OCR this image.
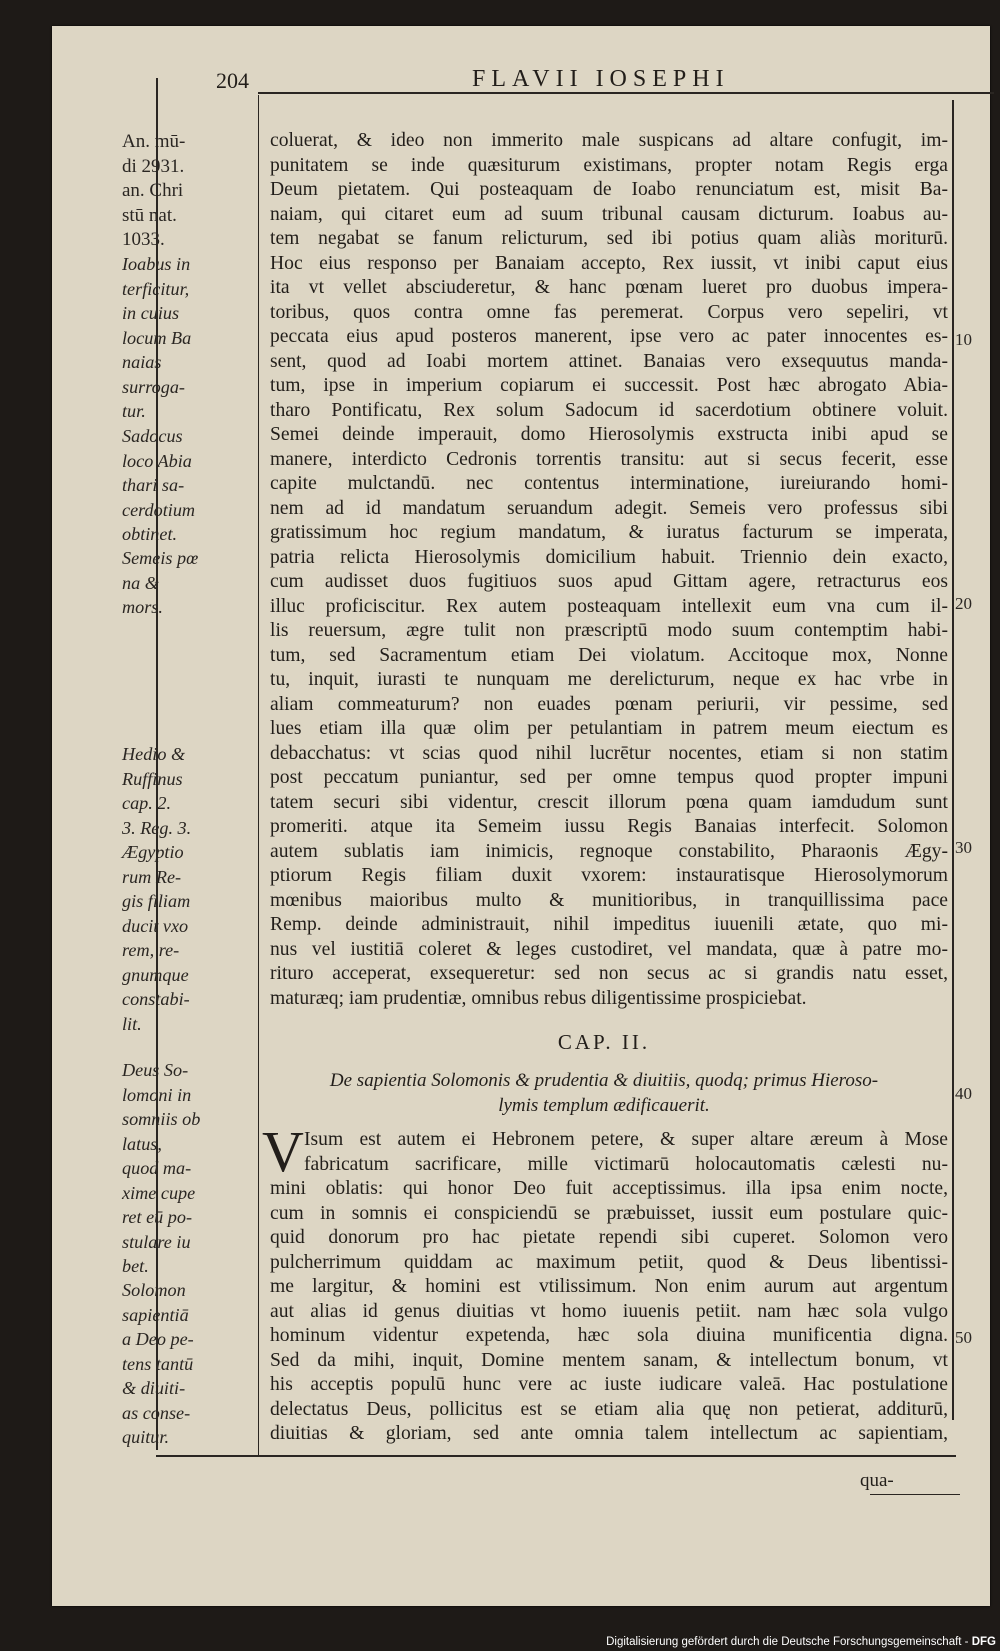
204	FLAVII IOSEPHI
An. mū-
di 2931.
an. Chri
stū nat.
1033.
Ioabus in
terficitur,
in cuius
locum Ba
naias
surroga-
tur.
Sadocus
loco Abia
thari sa-
cerdotium
obtinet.
Semeis pœ
na &
mors.
Hedio &
Ruffinus
cap. 2.
3. Reg. 3.
Ægyptio
rum Re-
gis filiam
ducit vxo
rem, re-
gnumque
constabi-
lit.
Deus So-
lomoni in
somniis ob
latus,
quod ma-
xime cupe
ret eū po-
stulare iu
bet.
Solomon
sapientiā
a Deo pe-
tens tantū
& diuiti-
as conse-
quitur.
coluerat, & ideo non immerito male suspicans ad altare confugit, im-
punitatem se inde quæsiturum existimans, propter notam Regis erga
Deum pietatem. Qui posteaquam de Ioabo renunciatum est, misit Ba-
naiam, qui citaret eum ad suum tribunal causam dicturum. Ioabus au-
tem negabat se fanum relicturum, sed ibi potius quam aliàs moriturū.
Hoc eius responso per Banaiam accepto, Rex iussit, vt inibi caput eius
ita vt vellet absciuderetur, & hanc pœnam lueret pro duobus impera-
toribus, quos contra omne fas peremerat. Corpus vero sepeliri, vt
peccata eius apud posteros manerent, ipse vero ac pater innocentes es-
sent, quod ad Ioabi mortem attinet. Banaias vero exsequutus manda-
tum, ipse in imperium copiarum ei successit. Post hæc abrogato Abia-
tharo Pontificatu, Rex solum Sadocum id sacerdotium obtinere voluit.
Semei deinde imperauit, domo Hierosolymis exstructa inibi apud se
manere, interdicto Cedronis torrentis transitu: aut si secus fecerit, esse
capite mulctandū. nec contentus interminatione, iureiurando homi-
nem ad id mandatum seruandum adegit. Semeis vero professus sibi
gratissimum hoc regium mandatum, & iuratus facturum se imperata,
patria relicta Hierosolymis domicilium habuit. Triennio dein exacto,
cum audisset duos fugitiuos suos apud Gittam agere, retracturus eos
illuc proficiscitur. Rex autem posteaquam intellexit eum vna cum il-
lis reuersum, ægre tulit non præscriptū modo suum contemptim habi-
tum, sed Sacramentum etiam Dei violatum. Accitoque mox, Nonne
tu, inquit, iurasti te nunquam me derelicturum, neque ex hac vrbe in
aliam commeaturum? non euades pœnam periurii, vir pessime, sed
lues etiam illa quæ olim per petulantiam in patrem meum eiectum es
debacchatus: vt scias quod nihil lucrētur nocentes, etiam si non statim
post peccatum puniantur, sed per omne tempus quod propter impuni
tatem securi sibi videntur, crescit illorum pœna quam iamdudum sunt
promeriti. atque ita Semeim iussu Regis Banaias interfecit. Solomon
autem sublatis iam inimicis, regnoque constabilito, Pharaonis Ægy-
ptiorum Regis filiam duxit vxorem: instauratisque Hierosolymorum
mœnibus maioribus multo & munitioribus, in tranquillissima pace
Remp. deinde administrauit, nihil impeditus iuuenili ætate, quo mi-
nus vel iustitiā coleret & leges custodiret, vel mandata, quæ à patre mo-
riturо acceperat, exsequeretur: sed non secus ac si grandis natu esset,
maturæq; iam prudentiæ, omnibus rebus diligentissime prospiciebat.
CAP. II.
De sapientia Solomonis & prudentia & diuitiis, quodq; primus Hieroso-
lymis templum ædificauerit.
V Isum est autem ei Hebronem petere, & super altare æreum à Mose
fabricatum sacrificare, mille victimarū holocautomatis cælesti nu-
mini oblatis: qui honor Deo fuit acceptissimus. illa ipsa enim nocte,
cum in somnis ei conspiciendū se præbuisset, iussit eum postulare quic-
quid donorum pro hac pietate rependi sibi cuperet. Solomon vero
pulcherrimum quiddam ac maximum petiit, quod & Deus libentissi-
me largitur, & homini est vtilissimum. Non enim aurum aut argentum
aut alias id genus diuitias vt homo iuuenis petiit. nam hæc sola vulgo
hominum videntur expetenda, hæc sola diuina munificentia digna.
Sed da mihi, inquit, Domine mentem sanam, & intellectum bonum, vt
his acceptis populū hunc vere ac iuste iudicare valeā. Hac postulatione
delectatus Deus, pollicitus est se etiam alia quę non petierat, additurū,
diuitias & gloriam, sed ante omnia talem intellectum ac sapientiam,
10
20
30
40
50
qua-
Digitalisierung gefördert durch die Deutsche Forschungsgemeinschaft - DFG
